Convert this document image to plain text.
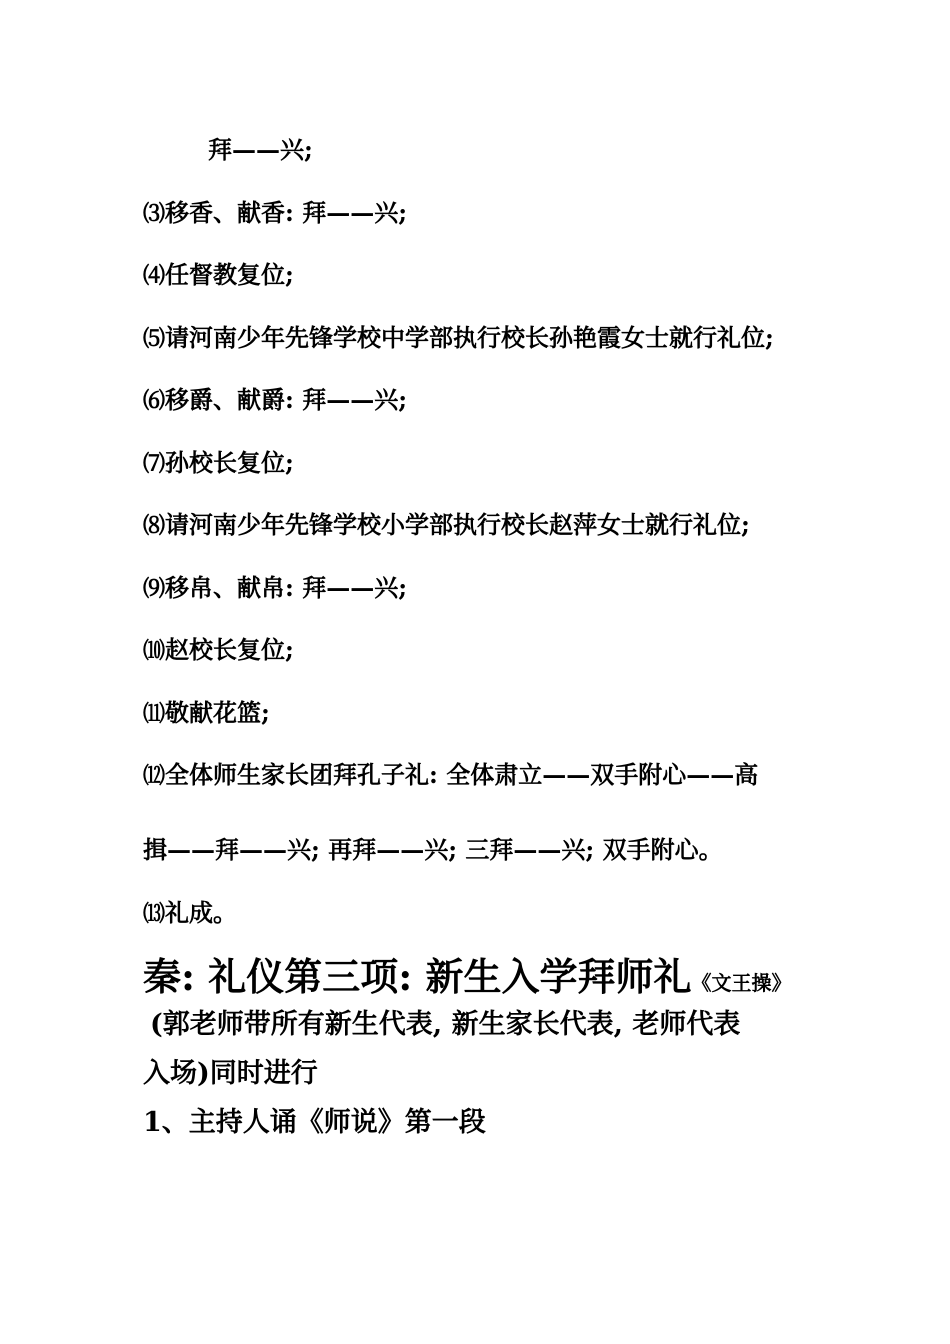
拜——兴;
⑶移香、献香: 拜——兴;
⑷任督教复位;
⑸请河南少年先锋学校中学部执行校长孙艳霞女士就行礼位;
⑹移爵、献爵: 拜——兴;
⑺孙校长复位;
⑻请河南少年先锋学校小学部执行校长赵萍女士就行礼位;
⑼移帛、献帛: 拜——兴;
⑽赵校长复位;
⑾敬献花篮;
⑿全体师生家长团拜孔子礼: 全体肃立——双手附心——高
揖——拜——兴; 再拜——兴; 三拜——兴; 双手附心。
⒀礼成。
秦: 礼仪第三项: 新生入学拜师礼《文王操》
(郭老师带所有新生代表, 新生家长代表, 老师代表
入场)同时进行
1、主持人诵《师说》第一段
